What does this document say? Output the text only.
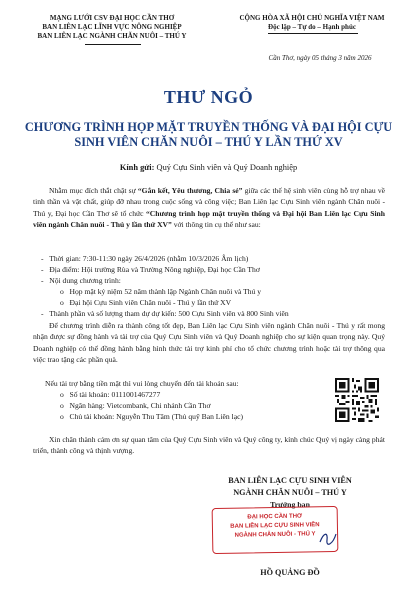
MẠNG LƯỚI CSV ĐẠI HỌC CẦN THƠ
BAN LIÊN LẠC LĨNH VỰC NÔNG NGHIỆP
BAN LIÊN LẠC NGÀNH CHĂN NUÔI – THÚ Y
CỘNG HÒA XÃ HỘI CHỦ NGHĨA VIỆT NAM
Độc lập – Tự do – Hạnh phúc
Cần Thơ, ngày 05 tháng 3 năm 2026
THƯ NGỎ
CHƯƠNG TRÌNH HỌP MẶT TRUYỀN THỐNG VÀ ĐẠI HỘI CỰU SINH VIÊN CHĂN NUÔI – THÚ Y LẦN THỨ XV
Kính gửi: Quý Cựu Sinh viên và Quý Doanh nghiệp
Nhằm mục đích thắt chặt sự “Gắn kết, Yêu thương, Chia sẻ” giữa các thế hệ sinh viên cùng hỗ trợ nhau về tinh thần và vật chất, giúp đỡ nhau trong cuộc sống và công việc; Ban Liên lạc Cựu Sinh viên ngành Chăn nuôi - Thú y, Đại học Cần Thơ sẽ tổ chức “Chương trình họp mặt truyền thống và Đại hội Ban Liên lạc Cựu Sinh viên ngành Chăn nuôi - Thú y lần thứ XV” với thông tin cụ thể như sau:
-   Thời gian: 7:30-11:30 ngày 26/4/2026 (nhằm 10/3/2026 Âm lịch)
-   Địa điểm: Hội trường Rùa và Trường Nông nghiệp, Đại học Cần Thơ
-   Nội dung chương trình:
o   Họp mặt kỷ niệm 52 năm thành lập Ngành Chăn nuôi và Thú y
o   Đại hội Cựu Sinh viên Chăn nuôi - Thú y lần thứ XV
-   Thành phần và số lượng tham dự dự kiến: 500 Cựu Sinh viên và 800 Sinh viên
Để chương trình diễn ra thành công tốt đẹp, Ban Liên lạc Cựu Sinh viên ngành Chăn nuôi - Thú y rất mong nhận được sự đồng hành và tài trợ của Quý Cựu Sinh viên và Quý Doanh nghiệp cho sự kiện quan trọng này. Quý Doanh nghiệp có thể đồng hành bằng hình thức tài trợ kinh phí cho tổ chức chương trình hoặc tài trợ thông qua việc trao tặng các phần quà.
Nếu tài trợ bằng tiền mặt thì vui lòng chuyển đến tài khoản sau:
o   Số tài khoản: 0111001467277
o   Ngân hàng: Vietcombank, Chi nhánh Cần Thơ
o   Chủ tài khoản: Nguyễn Thu Tâm (Thủ quỹ Ban Liên lạc)
Xin chân thành cảm ơn sự quan tâm của Quý Cựu Sinh viên và Quý công ty, kính chúc Quý vị ngày càng phát triển, thành công và thịnh vượng.
BAN LIÊN LẠC CỰU SINH VIÊN
NGÀNH CHĂN NUÔI – THÚ Y
Trưởng ban
ĐẠI HỌC CẦN THƠ
BAN LIÊN LẠC CỰU SINH VIÊN
NGÀNH CHĂN NUÔI - THÚ Y
HỒ QUẢNG ĐỒ
